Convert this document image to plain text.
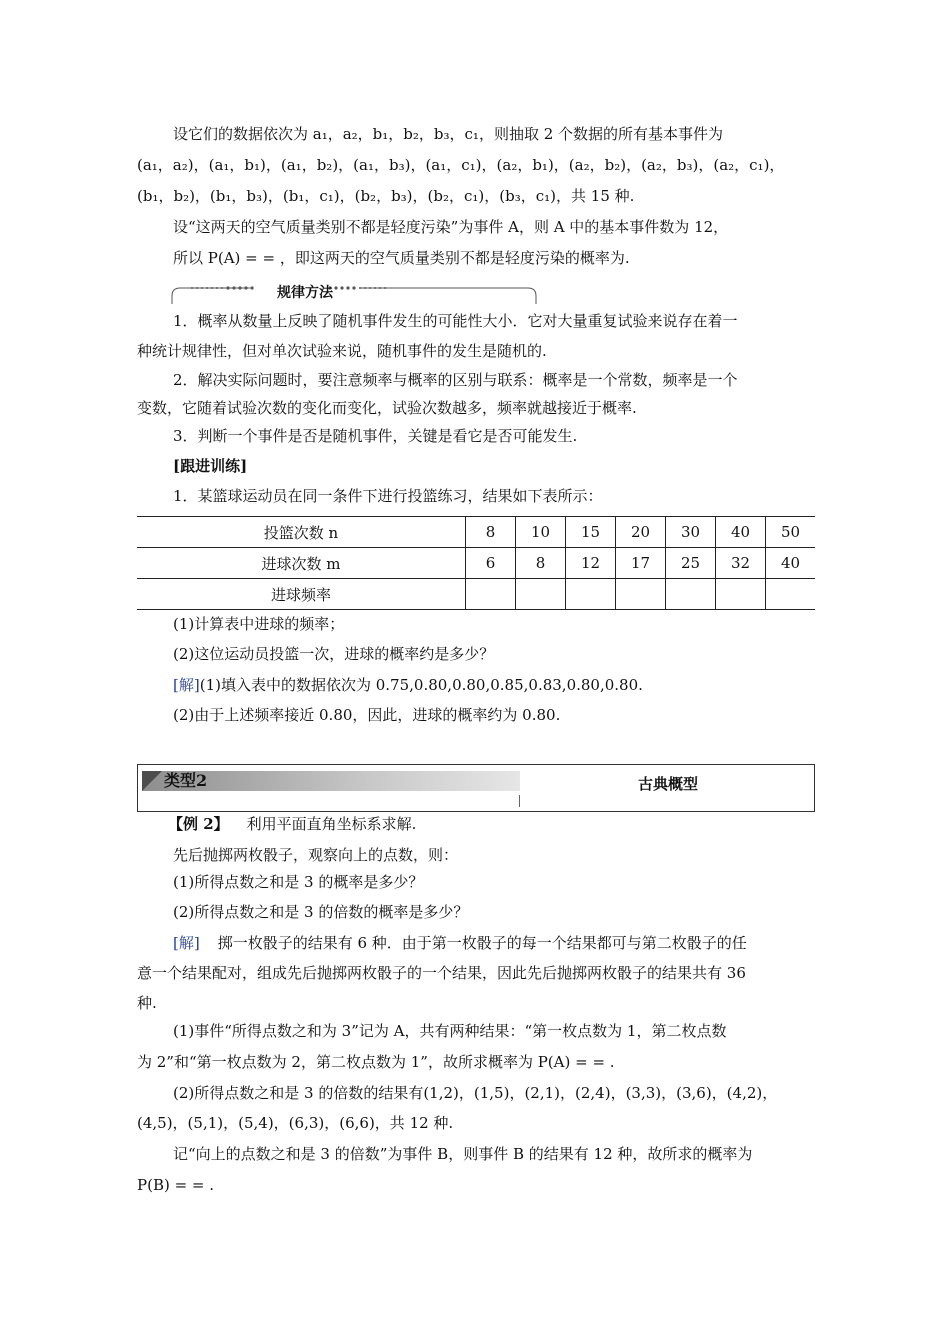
设它们的数据依次为 a₁，a₂，b₁，b₂，b₃，c₁，则抽取 2 个数据的所有基本事件为
(a₁，a₂)，(a₁，b₁)，(a₁，b₂)，(a₁，b₃)，(a₁，c₁)，(a₂，b₁)，(a₂，b₂)，(a₂，b₃)，(a₂，c₁)，
(b₁，b₂)，(b₁，b₃)，(b₁，c₁)，(b₂，b₃)，(b₂，c₁)，(b₃，c₁)，共 15 种.
设“这两天的空气质量类别不都是轻度污染”为事件 A，则 A 中的基本事件数为 12，
所以 P(A) = = ，即这两天的空气质量类别不都是轻度污染的概率为.
规律方法
1．概率从数量上反映了随机事件发生的可能性大小．它对大量重复试验来说存在着一
种统计规律性，但对单次试验来说，随机事件的发生是随机的.
2．解决实际问题时，要注意频率与概率的区别与联系：概率是一个常数，频率是一个
变数，它随着试验次数的变化而变化，试验次数越多，频率就越接近于概率.
3．判断一个事件是否是随机事件，关键是看它是否可能发生.
[跟进训练]
1．某篮球运动员在同一条件下进行投篮练习，结果如下表所示：
投篮次数 n	8	10	15	20	30	40	50
进球次数 m	6	8	12	17	25	32	40
进球频率							
(1)计算表中进球的频率；
(2)这位运动员投篮一次，进球的概率约是多少？
[解](1)填入表中的数据依次为 0.75,0.80,0.80,0.85,0.83,0.80,0.80.
(2)由于上述频率接近 0.80，因此，进球的概率约为 0.80.
类型2	古典概型
【例 2】 利用平面直角坐标系求解.
先后抛掷两枚骰子，观察向上的点数，则：
(1)所得点数之和是 3 的概率是多少？
(2)所得点数之和是 3 的倍数的概率是多少？
[解] 掷一枚骰子的结果有 6 种．由于第一枚骰子的每一个结果都可与第二枚骰子的任
意一个结果配对，组成先后抛掷两枚骰子的一个结果，因此先后抛掷两枚骰子的结果共有 36
种.
(1)事件“所得点数之和为 3”记为 A，共有两种结果：“第一枚点数为 1，第二枚点数
为 2”和“第一枚点数为 2，第二枚点数为 1”，故所求概率为 P(A) = = .
(2)所得点数之和是 3 的倍数的结果有(1,2)，(1,5)，(2,1)，(2,4)，(3,3)，(3,6)，(4,2)，
(4,5)，(5,1)，(5,4)，(6,3)，(6,6)，共 12 种.
记“向上的点数之和是 3 的倍数”为事件 B，则事件 B 的结果有 12 种，故所求的概率为
P(B) = = .
